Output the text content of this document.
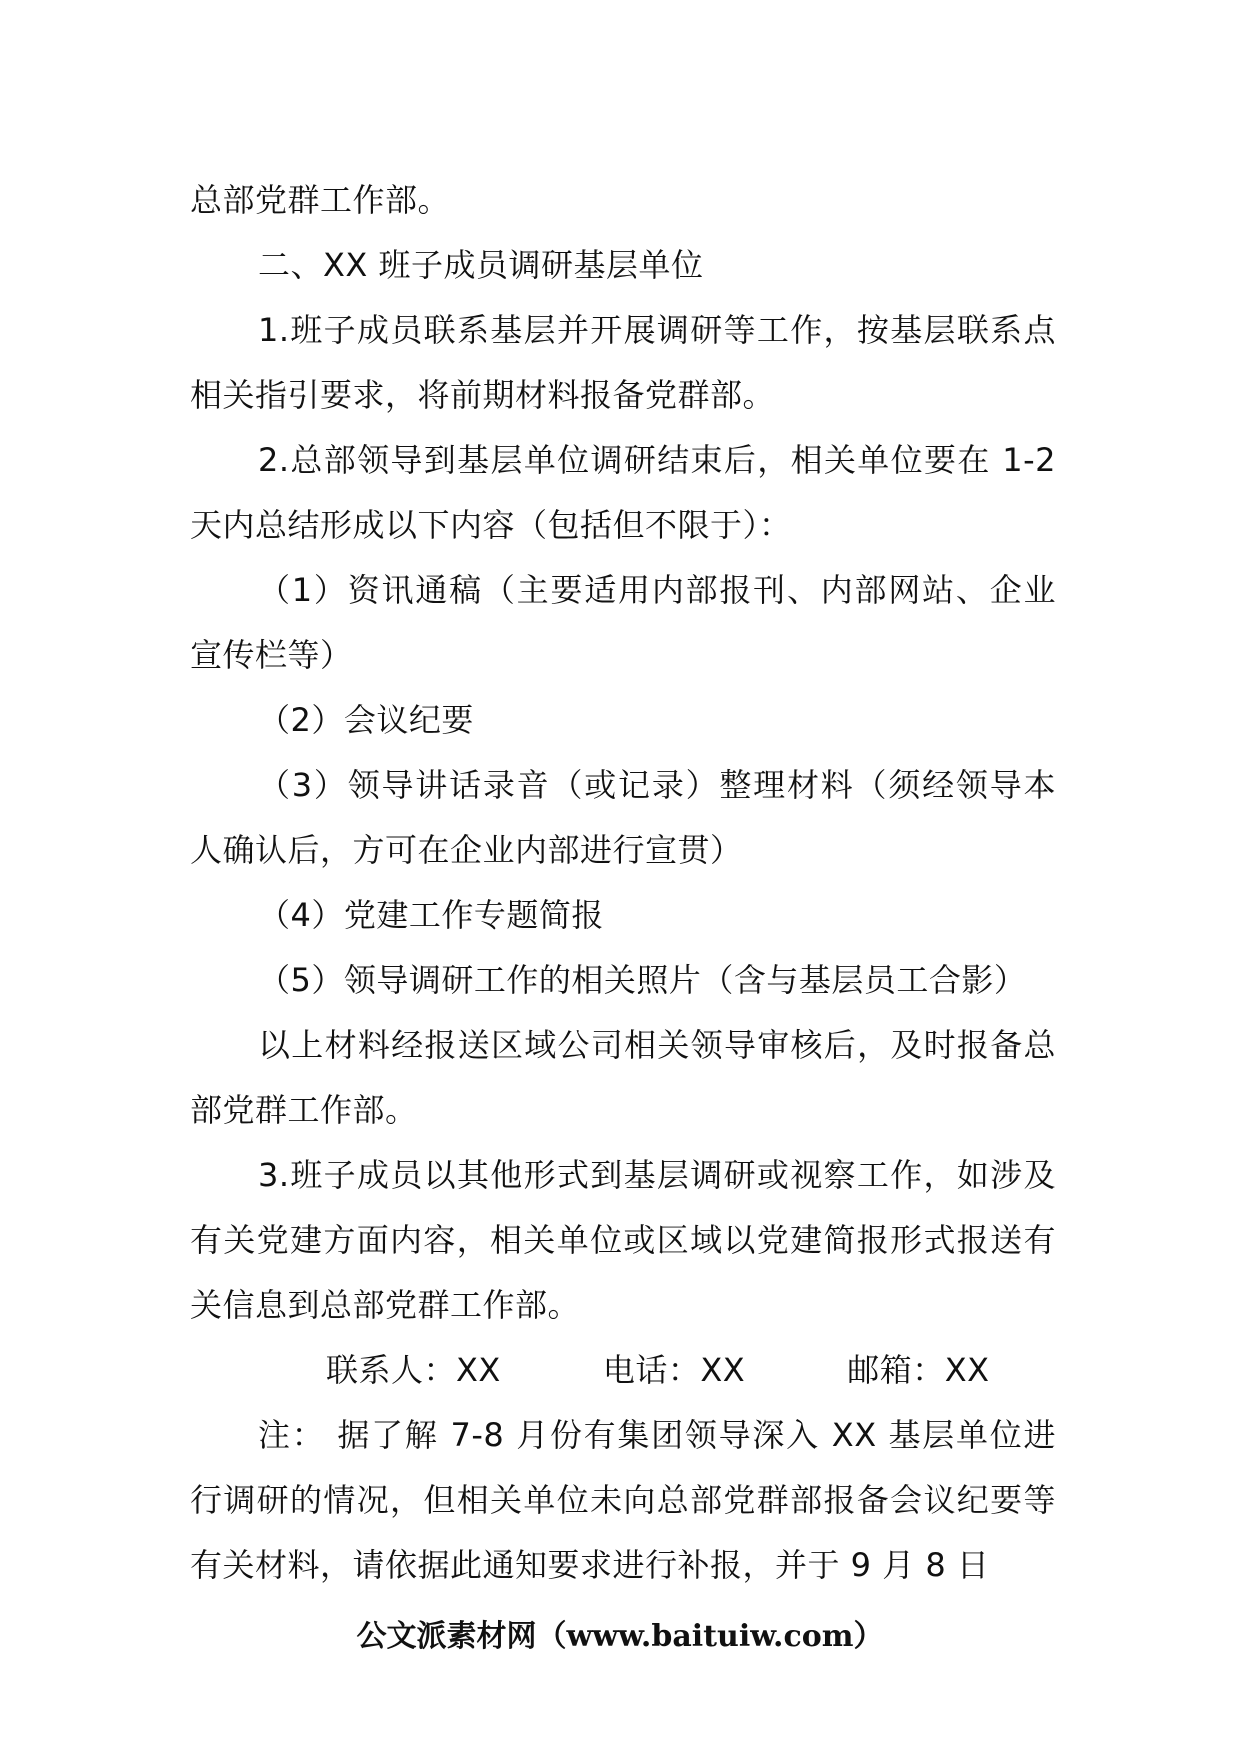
总部党群工作部。

二、XX 班子成员调研基层单位

1.班子成员联系基层并开展调研等工作，按基层联系点相关指引要求，将前期材料报备党群部。

2.总部领导到基层单位调研结束后，相关单位要在 1-2 天内总结形成以下内容（包括但不限于）：

（1）资讯通稿（主要适用内部报刊、内部网站、企业宣传栏等）

（2）会议纪要

（3）领导讲话录音（或记录）整理材料（须经领导本人确认后，方可在企业内部进行宣贯）

（4）党建工作专题简报

（5）领导调研工作的相关照片（含与基层员工合影）

以上材料经报送区域公司相关领导审核后，及时报备总部党群工作部。

3.班子成员以其他形式到基层调研或视察工作，如涉及有关党建方面内容，相关单位或区域以党建简报形式报送有关信息到总部党群工作部。

联系人：XX	电话：XX	邮箱：XX

注： 据了解 7-8 月份有集团领导深入 XX 基层单位进行调研的情况，但相关单位未向总部党群部报备会议纪要等有关材料，请依据此通知要求进行补报，并于 9 月 8 日

公文派素材网（www.baituiw.com）
